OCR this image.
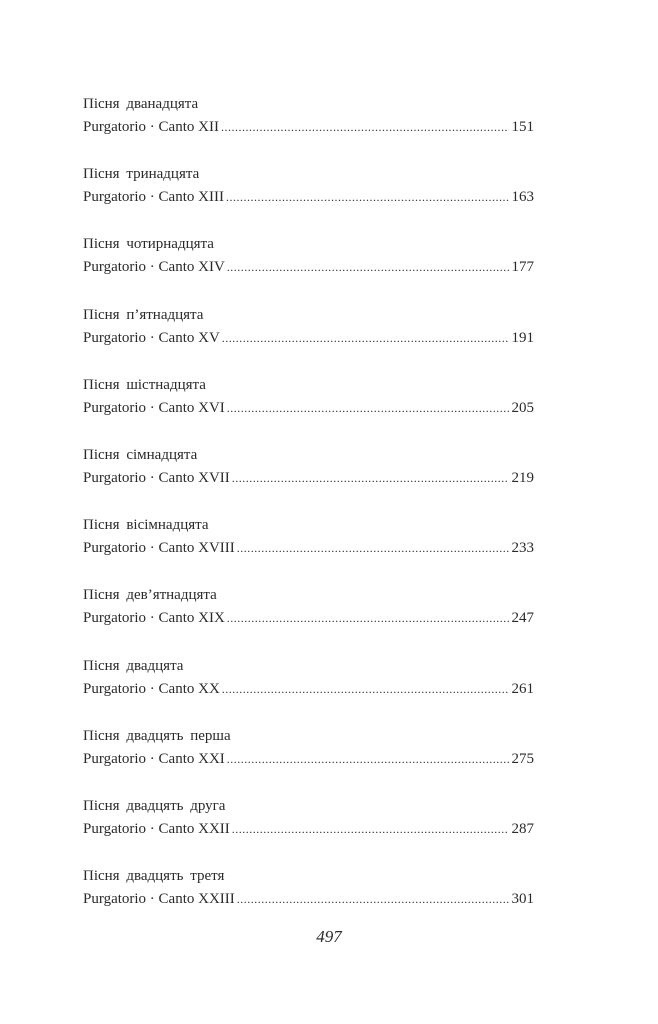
Пісня дванадцята
Purgatorio · Canto XII .....	151
Пісня тринадцята
Purgatorio · Canto XIII .....	163
Пісня чотирнадцята
Purgatorio · Canto XIV .....	177
Пісня п’ятнадцята
Purgatorio · Canto XV .....	191
Пісня шістнадцята
Purgatorio · Canto XVI .....	205
Пісня сімнадцята
Purgatorio · Canto XVII .....	219
Пісня вісімнадцята
Purgatorio · Canto XVIII .....	233
Пісня дев’ятнадцята
Purgatorio · Canto XIX .....	247
Пісня двадцята
Purgatorio · Canto XX .....	261
Пісня двадцять перша
Purgatorio · Canto XXI .....	275
Пісня двадцять друга
Purgatorio · Canto XXII .....	287
Пісня двадцять третя
Purgatorio · Canto XXIII .....	301
497
